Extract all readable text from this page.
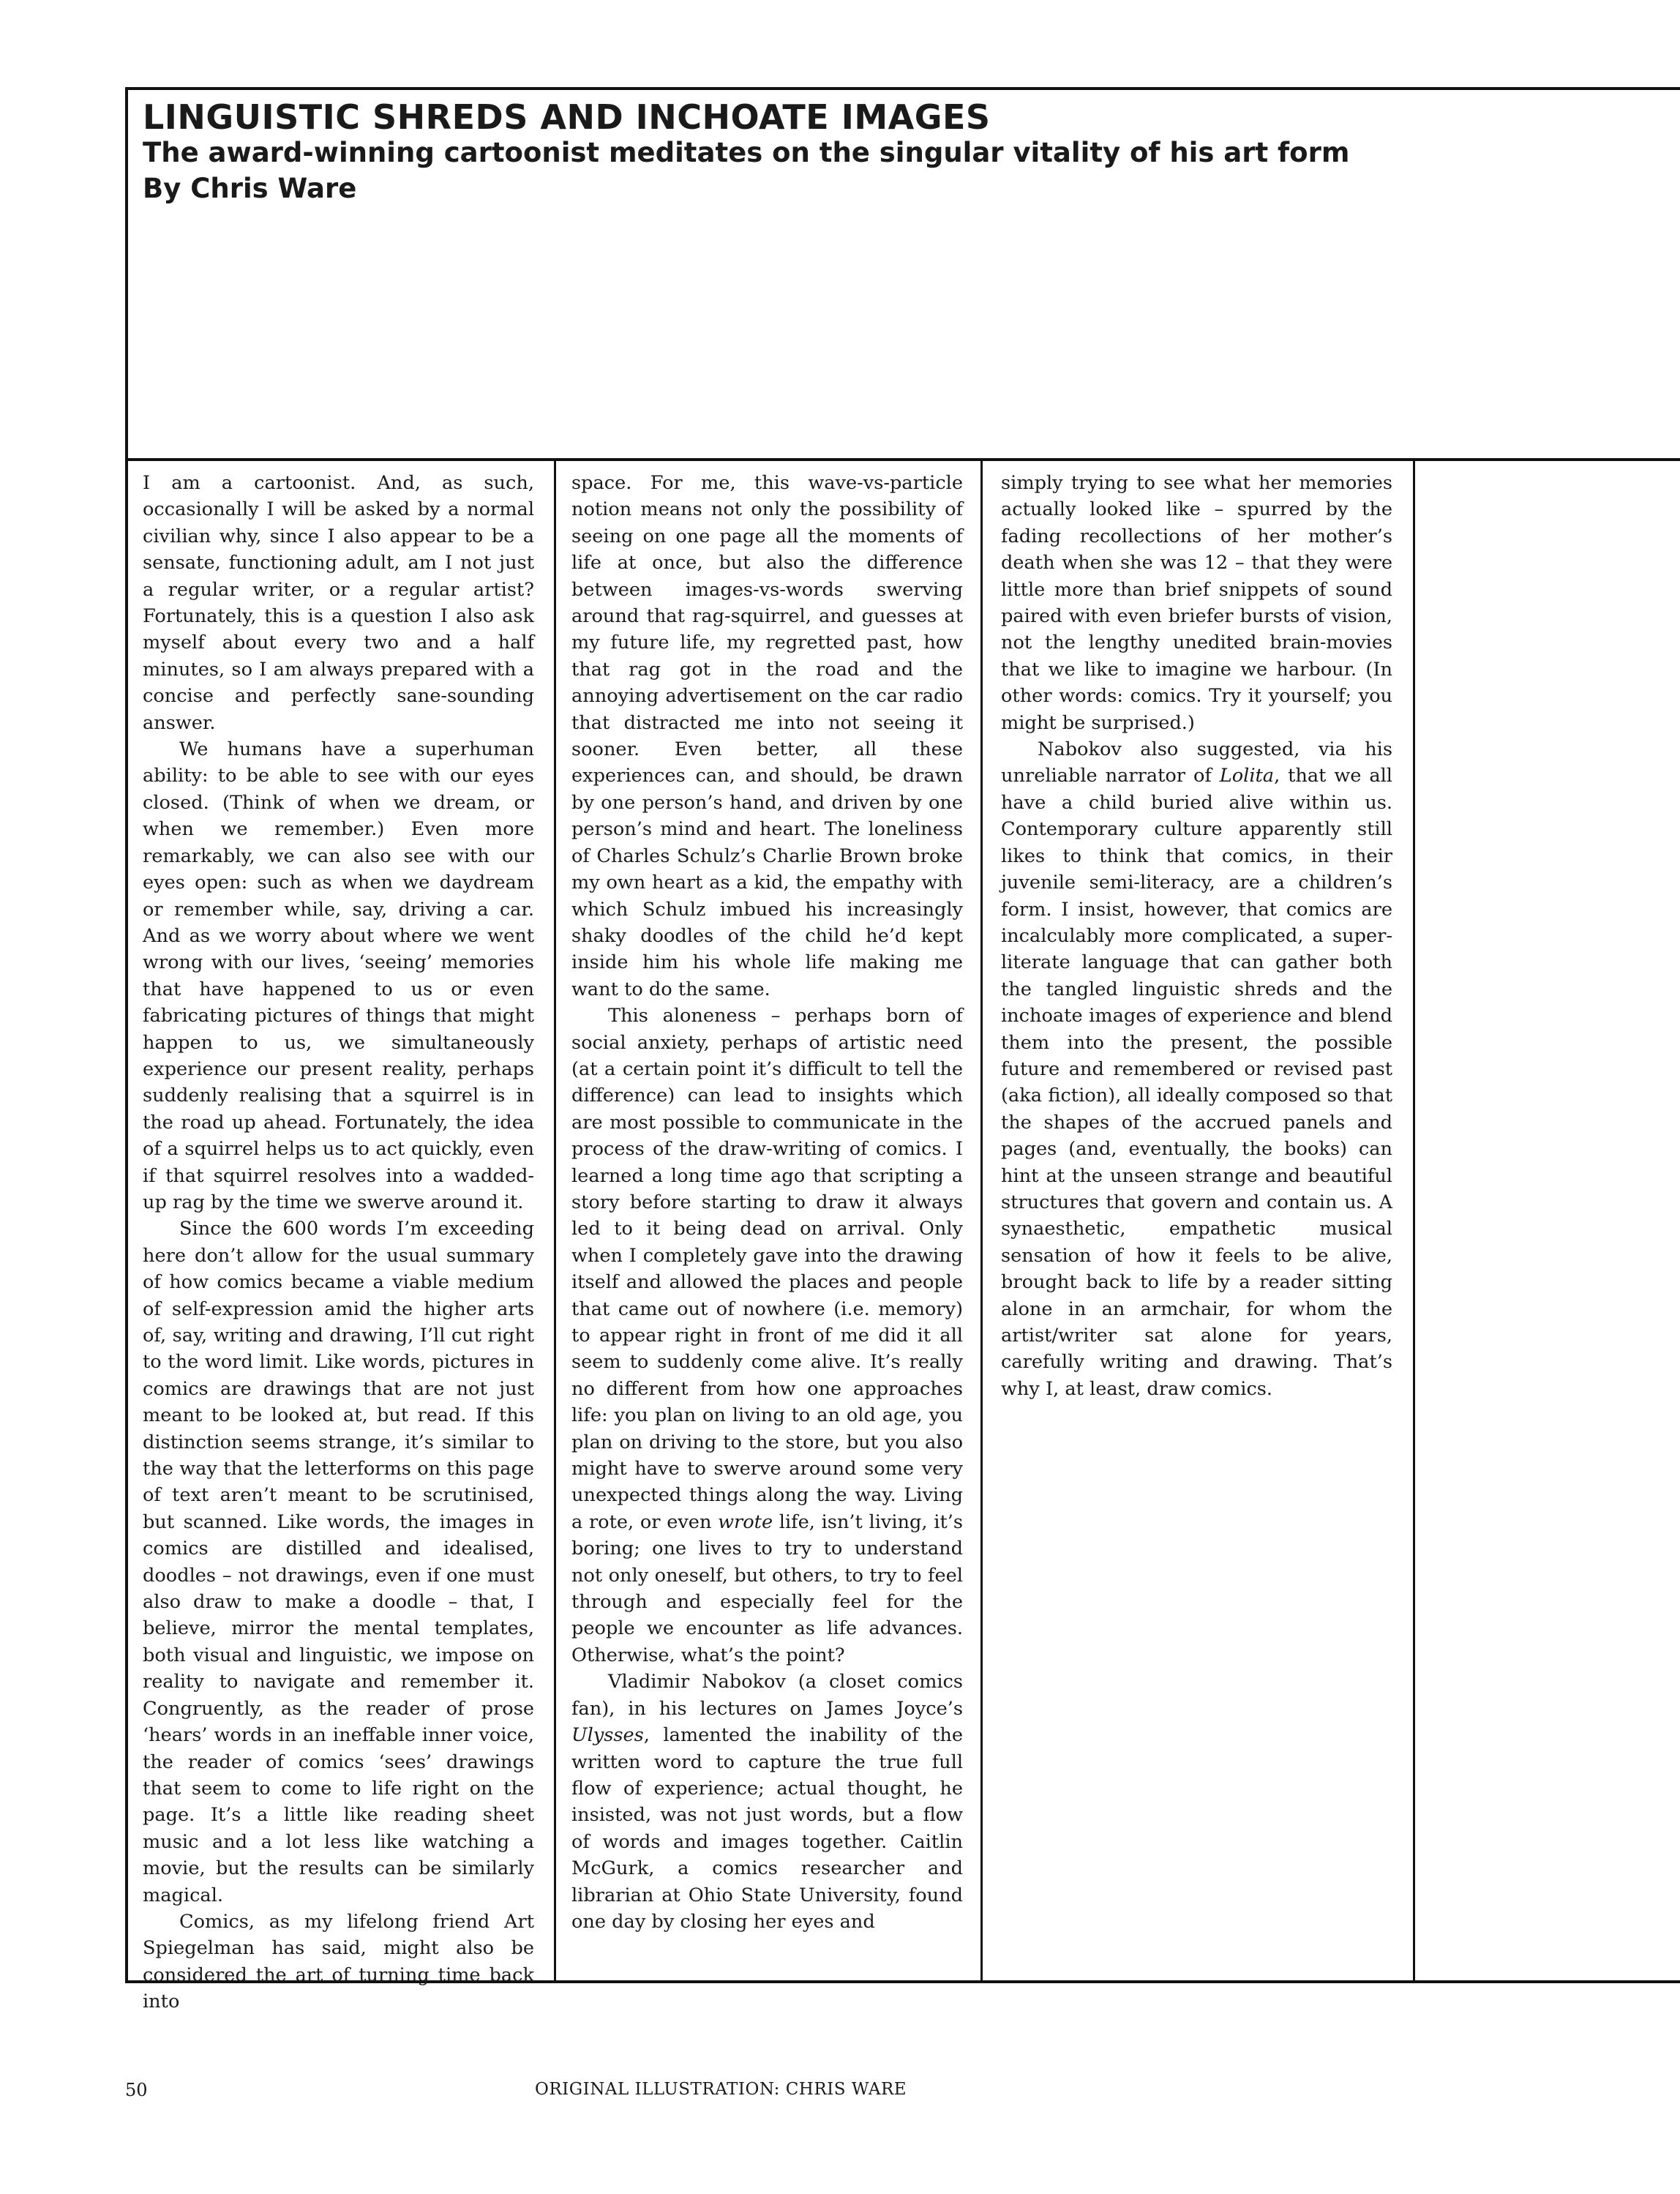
LINGUISTIC SHREDS AND INCHOATE IMAGES
The award-winning cartoonist meditates on the singular vitality of his art form
By Chris Ware

I am a cartoonist. And, as such, occasionally I will be asked by a normal civilian why, since I also appear to be a sensate, functioning adult, am I not just a regular writer, or a regular artist? Fortunately, this is a question I also ask myself about every two and a half minutes, so I am always prepared with a concise and perfectly sane-sounding answer.

We humans have a superhuman ability: to be able to see with our eyes closed. (Think of when we dream, or when we remember.) Even more remarkably, we can also see with our eyes open: such as when we daydream or remember while, say, driving a car. And as we worry about where we went wrong with our lives, ‘seeing’ memories that have happened to us or even fabricating pictures of things that might happen to us, we simultaneously experience our present reality, perhaps suddenly realising that a squirrel is in the road up ahead. Fortunately, the idea of a squirrel helps us to act quickly, even if that squirrel resolves into a wadded-up rag by the time we swerve around it.

Since the 600 words I’m exceeding here don’t allow for the usual summary of how comics became a viable medium of self-expression amid the higher arts of, say, writing and drawing, I’ll cut right to the word limit. Like words, pictures in comics are drawings that are not just meant to be looked at, but read. If this distinction seems strange, it’s similar to the way that the letterforms on this page of text aren’t meant to be scrutinised, but scanned. Like words, the images in comics are distilled and idealised, doodles – not drawings, even if one must also draw to make a doodle – that, I believe, mirror the mental templates, both visual and linguistic, we impose on reality to navigate and remember it. Congruently, as the reader of prose ‘hears’ words in an ineffable inner voice, the reader of comics ‘sees’ drawings that seem to come to life right on the page. It’s a little like reading sheet music and a lot less like watching a movie, but the results can be similarly magical.

Comics, as my lifelong friend Art Spiegelman has said, might also be considered the art of turning time back into

space. For me, this wave-vs-particle notion means not only the possibility of seeing on one page all the moments of life at once, but also the difference between images-vs-words swerving around that rag-squirrel, and guesses at my future life, my regretted past, how that rag got in the road and the annoying advertisement on the car radio that distracted me into not seeing it sooner. Even better, all these experiences can, and should, be drawn by one person’s hand, and driven by one person’s mind and heart. The loneliness of Charles Schulz’s Charlie Brown broke my own heart as a kid, the empathy with which Schulz imbued his increasingly shaky doodles of the child he’d kept inside him his whole life making me want to do the same.

This aloneness – perhaps born of social anxiety, perhaps of artistic need (at a certain point it’s difficult to tell the difference) can lead to insights which are most possible to communicate in the process of the draw-writing of comics. I learned a long time ago that scripting a story before starting to draw it always led to it being dead on arrival. Only when I completely gave into the drawing itself and allowed the places and people that came out of nowhere (i.e. memory) to appear right in front of me did it all seem to suddenly come alive. It’s really no different from how one approaches life: you plan on living to an old age, you plan on driving to the store, but you also might have to swerve around some very unexpected things along the way. Living a rote, or even wrote life, isn’t living, it’s boring; one lives to try to understand not only oneself, but others, to try to feel through and especially feel for the people we encounter as life advances. Otherwise, what’s the point?

Vladimir Nabokov (a closet comics fan), in his lectures on James Joyce’s Ulysses, lamented the inability of the written word to capture the true full flow of experience; actual thought, he insisted, was not just words, but a flow of words and images together. Caitlin McGurk, a comics researcher and librarian at Ohio State University, found one day by closing her eyes and

simply trying to see what her memories actually looked like – spurred by the fading recollections of her mother’s death when she was 12 – that they were little more than brief snippets of sound paired with even briefer bursts of vision, not the lengthy unedited brain-movies that we like to imagine we harbour. (In other words: comics. Try it yourself; you might be surprised.)

Nabokov also suggested, via his unreliable narrator of Lolita, that we all have a child buried alive within us. Contemporary culture apparently still likes to think that comics, in their juvenile semi-literacy, are a children’s form. I insist, however, that comics are incalculably more complicated, a super-literate language that can gather both the tangled linguistic shreds and the inchoate images of experience and blend them into the present, the possible future and remembered or revised past (aka fiction), all ideally composed so that the shapes of the accrued panels and pages (and, eventually, the books) can hint at the unseen strange and beautiful structures that govern and contain us. A synaesthetic, empathetic musical sensation of how it feels to be alive, brought back to life by a reader sitting alone in an armchair, for whom the artist/writer sat alone for years, carefully writing and drawing. That’s why I, at least, draw comics.

50	ORIGINAL ILLUSTRATION: CHRIS WARE
